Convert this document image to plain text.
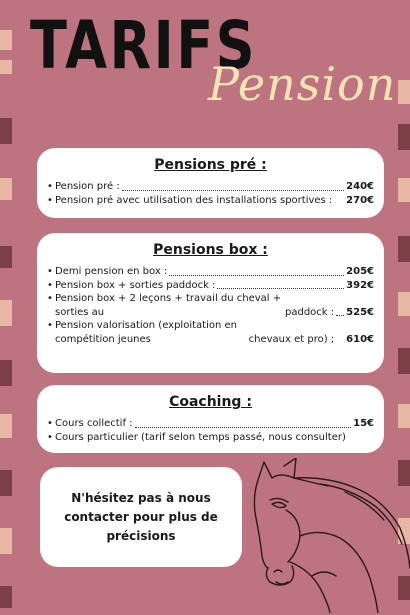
TARIFS
Pension
Pensions pré :
• Pension pré :	240€
• Pension pré avec utilisation des installations sportives : 270€
Pensions box :
• Demi pension en box :	205€
• Pension box + sorties paddock :	392€
• Pension box + 2 leçons + travail du cheval + sorties au	paddock : 525€
• Pension valorisation (exploitation en compétition jeunes	chevaux et pro) ; 610€
Coaching :
• Cours collectif :	15€
• Cours particulier (tarif selon temps passé, nous consulter)
N'hésitez pas à nous contacter pour plus de précisions
